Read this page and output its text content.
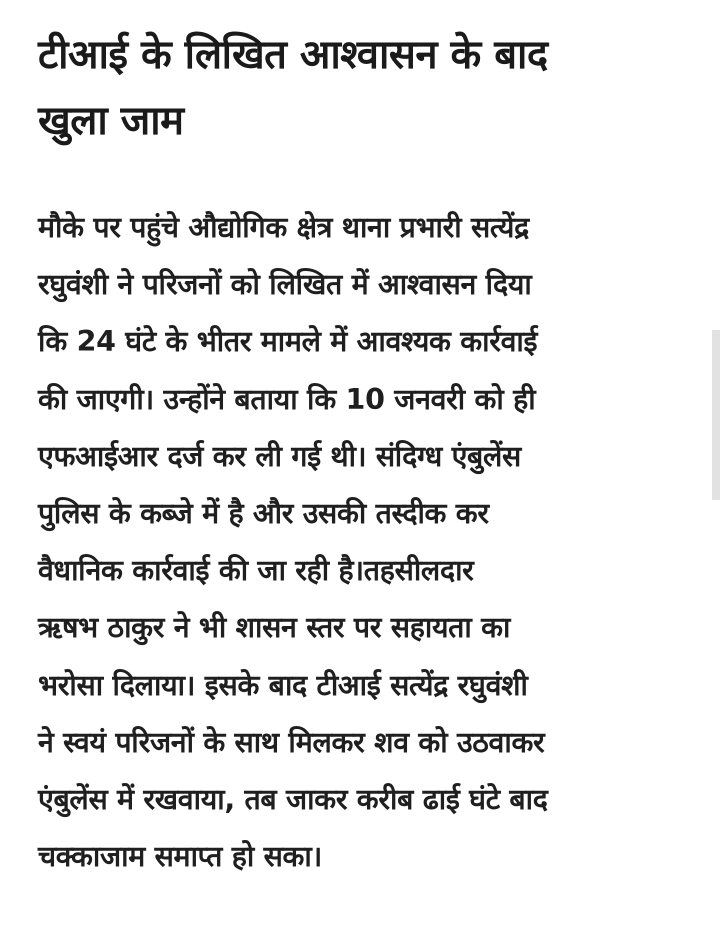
टीआई के लिखित आश्वासन के बाद
खुला जाम

मौके पर पहुंचे औद्योगिक क्षेत्र थाना प्रभारी सत्येंद्र
रघुवंशी ने परिजनों को लिखित में आश्वासन दिया
कि 24 घंटे के भीतर मामले में आवश्यक कार्रवाई
की जाएगी। उन्होंने बताया कि 10 जनवरी को ही
एफआईआर दर्ज कर ली गई थी। संदिग्ध एंबुलेंस
पुलिस के कब्जे में है और उसकी तस्दीक कर
वैधानिक कार्रवाई की जा रही है।तहसीलदार
ऋषभ ठाकुर ने भी शासन स्तर पर सहायता का
भरोसा दिलाया। इसके बाद टीआई सत्येंद्र रघुवंशी
ने स्वयं परिजनों के साथ मिलकर शव को उठवाकर
एंबुलेंस में रखवाया, तब जाकर करीब ढाई घंटे बाद
चक्काजाम समाप्त हो सका।
